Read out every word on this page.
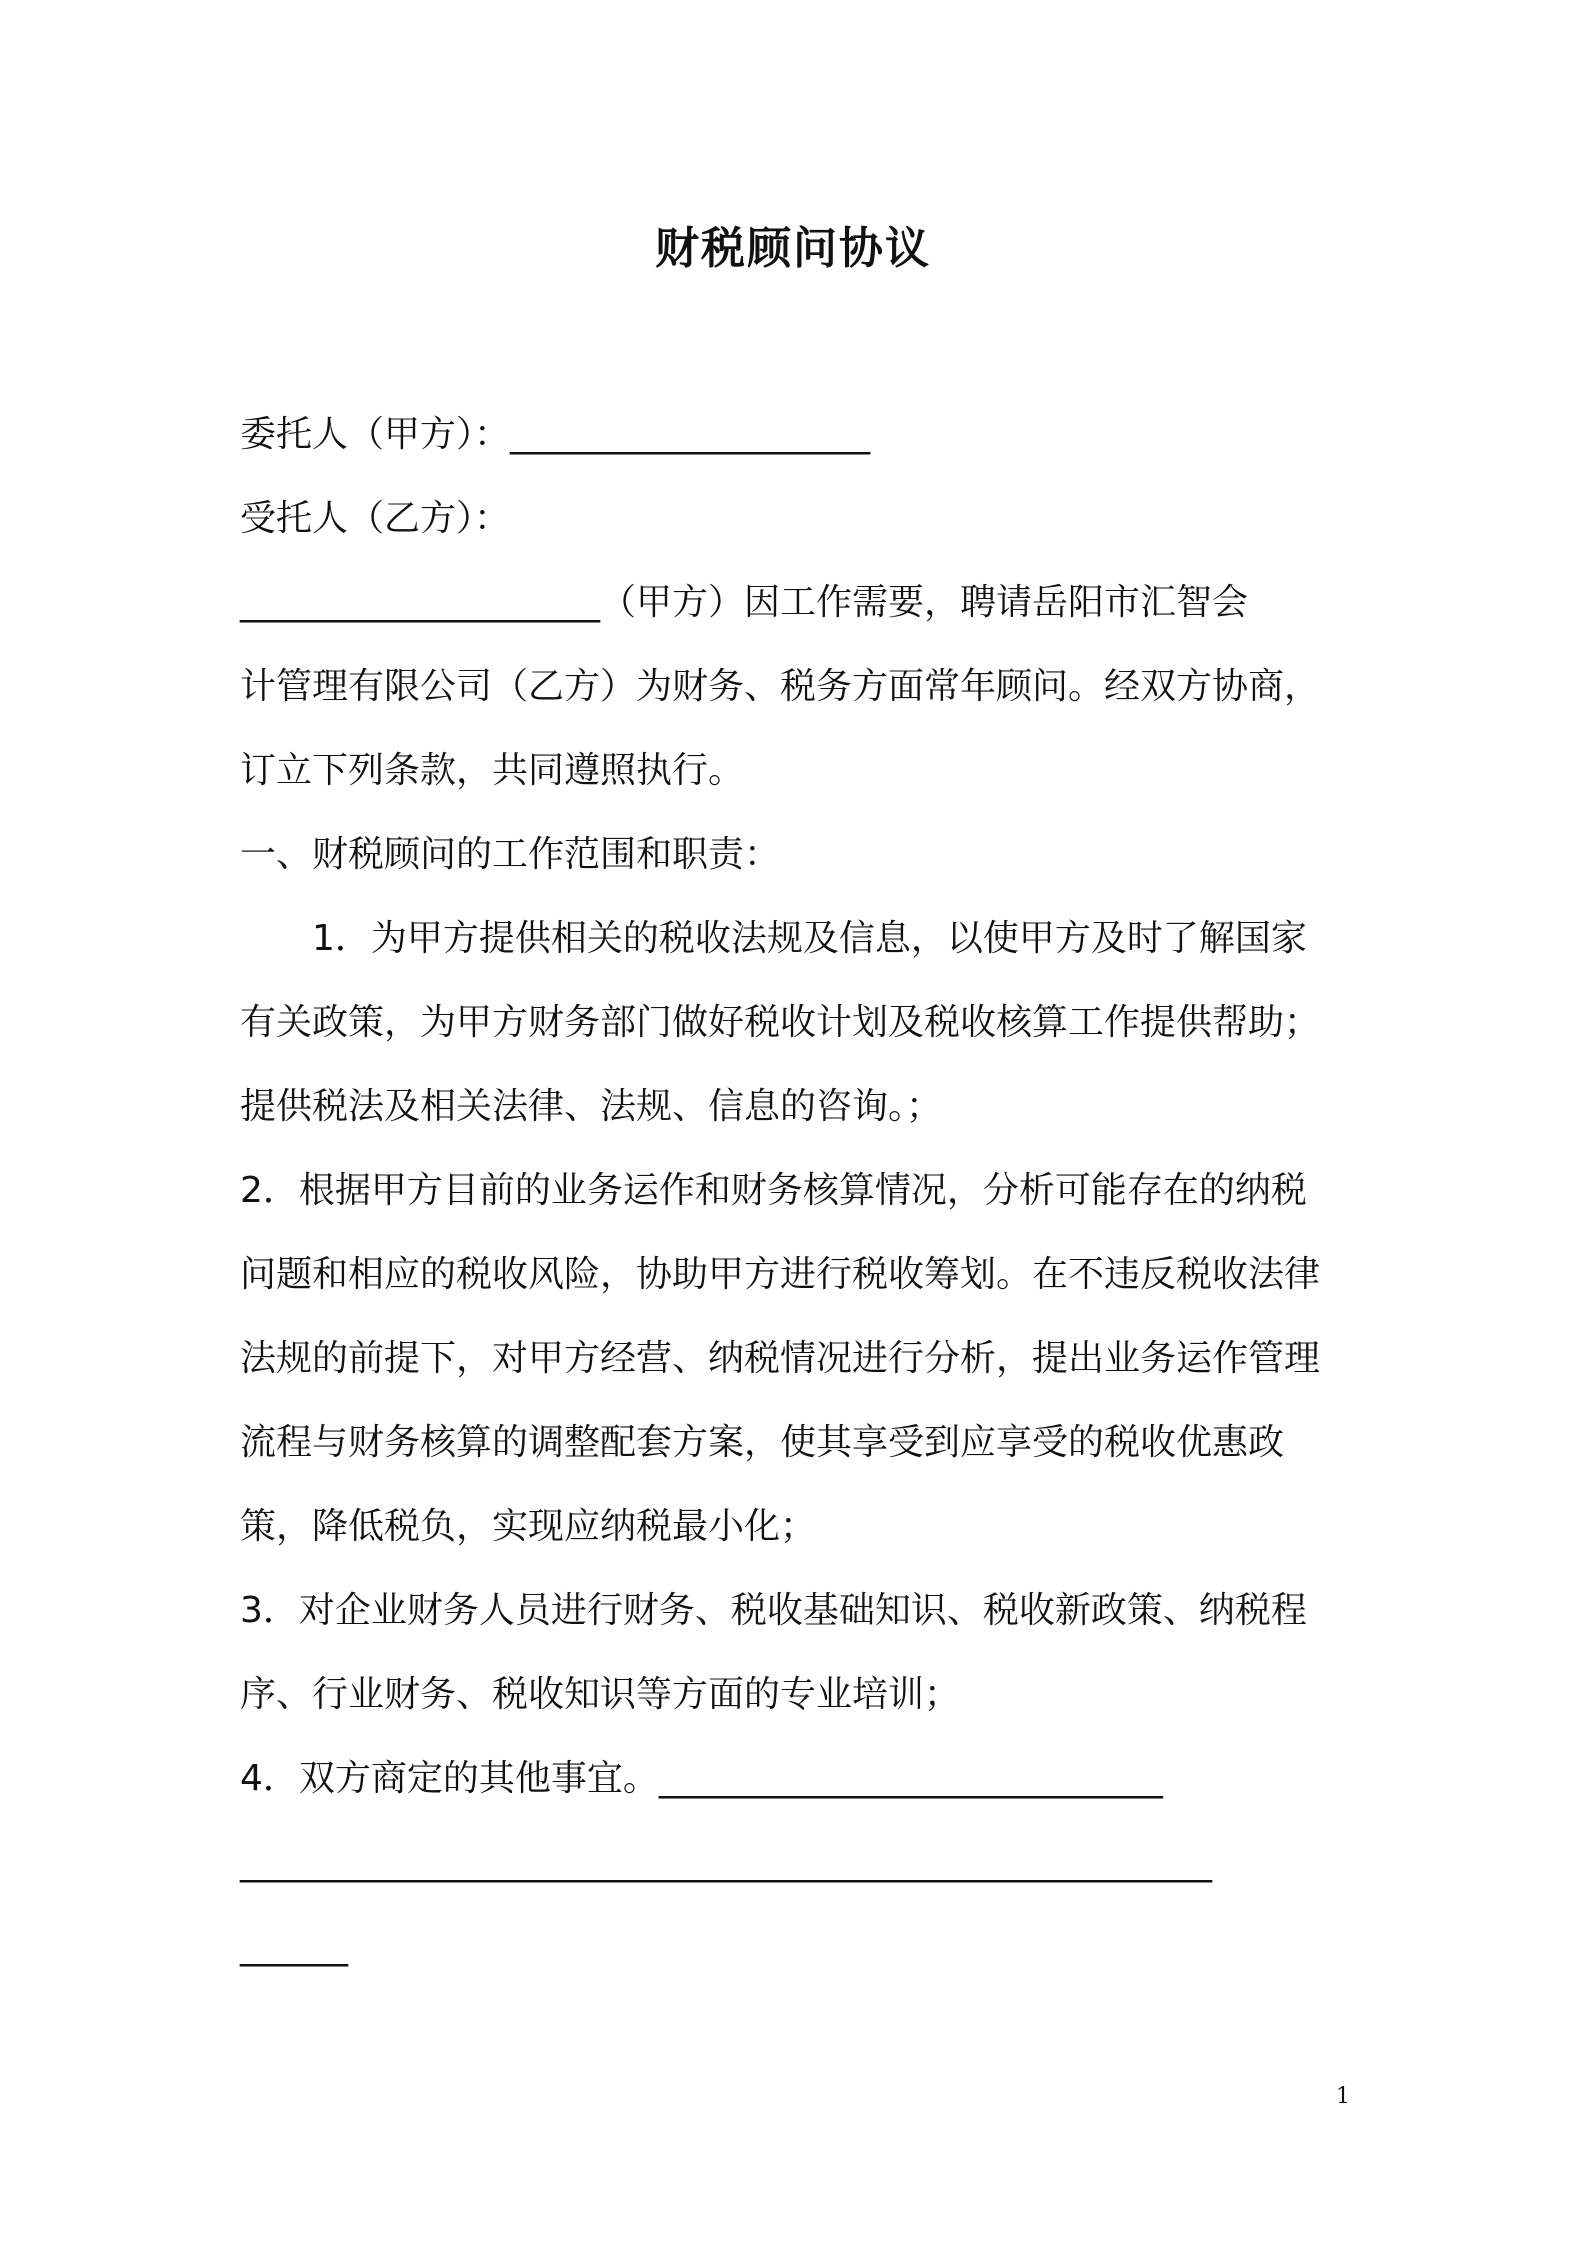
财税顾问协议
委托人（甲方）：____________________
受托人（乙方）：
____________________（甲方）因工作需要，聘请岳阳市汇智会
计管理有限公司（乙方）为财务、税务方面常年顾问。经双方协商，
订立下列条款，共同遵照执行。
一、财税顾问的工作范围和职责：
1．为甲方提供相关的税收法规及信息，以使甲方及时了解国家
有关政策，为甲方财务部门做好税收计划及税收核算工作提供帮助；
提供税法及相关法律、法规、信息的咨询。；
2．根据甲方目前的业务运作和财务核算情况，分析可能存在的纳税
问题和相应的税收风险，协助甲方进行税收筹划。在不违反税收法律
法规的前提下，对甲方经营、纳税情况进行分析，提出业务运作管理
流程与财务核算的调整配套方案，使其享受到应享受的税收优惠政
策，降低税负，实现应纳税最小化；
3．对企业财务人员进行财务、税收基础知识、税收新政策、纳税程
序、行业财务、税收知识等方面的专业培训；
4．双方商定的其他事宜。____________________________
______________________________________________________
______
1
